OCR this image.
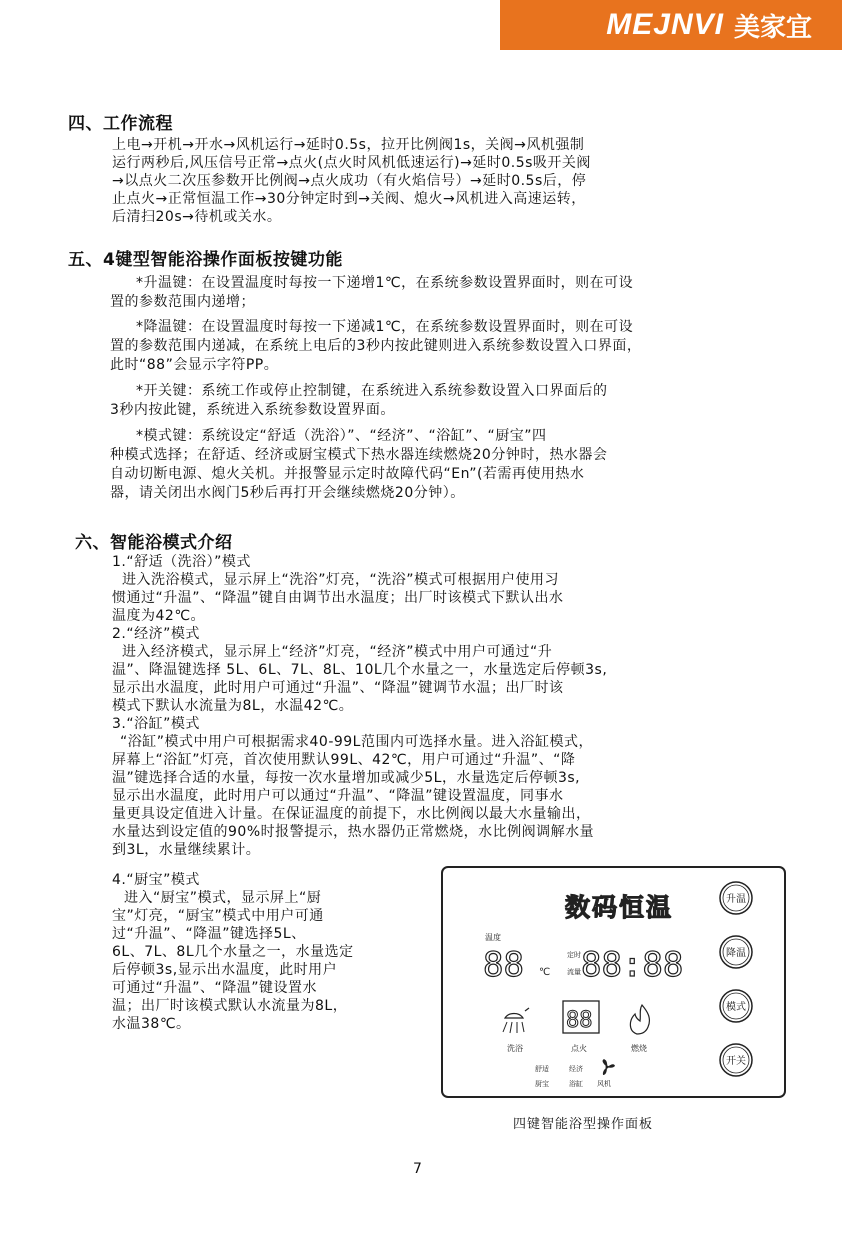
MEJNVI 美家宜
四、工作流程
上电→开机→开水→风机运行→延时0.5s，拉开比例阀1s，关阀→风机强制
运行两秒后,风压信号正常→点火(点火时风机低速运行)→延时0.5s吸开关阀
→以点火二次压参数开比例阀→点火成功（有火焰信号）→延时0.5s后，停
止点火→正常恒温工作→30分钟定时到→关阀、熄火→风机进入高速运转，
后清扫20s→待机或关水。
五、4键型智能浴操作面板按键功能
*升温键：在设置温度时每按一下递增1℃，在系统参数设置界面时，则在可设
置的参数范围内递增；
*降温键：在设置温度时每按一下递减1℃，在系统参数设置界面时，则在可设
置的参数范围内递减，在系统上电后的3秒内按此键则进入系统参数设置入口界面，
此时“88”会显示字符PP。
*开关键：系统工作或停止控制键，在系统进入系统参数设置入口界面后的
3秒内按此键，系统进入系统参数设置界面。
*模式键：系统设定“舒适（洗浴）”、“经济”、“浴缸”、“厨宝”四
种模式选择；在舒适、经济或厨宝模式下热水器连续燃烧20分钟时，热水器会
自动切断电源、熄火关机。并报警显示定时故障代码“En”(若需再使用热水
器，请关闭出水阀门5秒后再打开会继续燃烧20分钟）。
六、智能浴模式介绍
1.“舒适（洗浴）”模式
进入洗浴模式，显示屏上“洗浴”灯亮，“洗浴”模式可根据用户使用习
惯通过“升温”、“降温”键自由调节出水温度；出厂时该模式下默认出水
温度为42℃。
2.“经济”模式
进入经济模式，显示屏上“经济”灯亮，“经济”模式中用户可通过“升
温”、降温键选择 5L、6L、7L、8L、10L几个水量之一，水量选定后停顿3s,
显示出水温度，此时用户可通过“升温”、“降温”键调节水温；出厂时该
模式下默认水流量为8L，水温42℃。
3.“浴缸”模式
“浴缸”模式中用户可根据需求40-99L范围内可选择水量。进入浴缸模式，
屏幕上“浴缸”灯亮，首次使用默认99L、42℃，用户可通过“升温”、“降
温”键选择合适的水量，每按一次水量增加或减少5L，水量选定后停顿3s,
显示出水温度，此时用户可以通过“升温”、“降温”键设置温度，同事水
量更具设定值进入计量。在保证温度的前提下，水比例阀以最大水量输出，
水量达到设定值的90%时报警提示，热水器仍正常燃烧，水比例阀调解水量
到3L，水量继续累计。
4.“厨宝”模式
进入“厨宝”模式，显示屏上“厨
宝”灯亮，“厨宝”模式中用户可通
过“升温”、“降温”键选择5L、
6L、7L、8L几个水量之一，水量选定
后停顿3s,显示出水温度，此时用户
可通过“升温”、“降温”键设置水
温；出厂时该模式默认水流量为8L，
水温38℃。
数码恒温
温度
℃
定时
流量
88 88:88
88
洗浴	点火	燃烧
舒适	经济
厨宝	浴缸 风机
升温
降温
模式
开关
四键智能浴型操作面板
7
